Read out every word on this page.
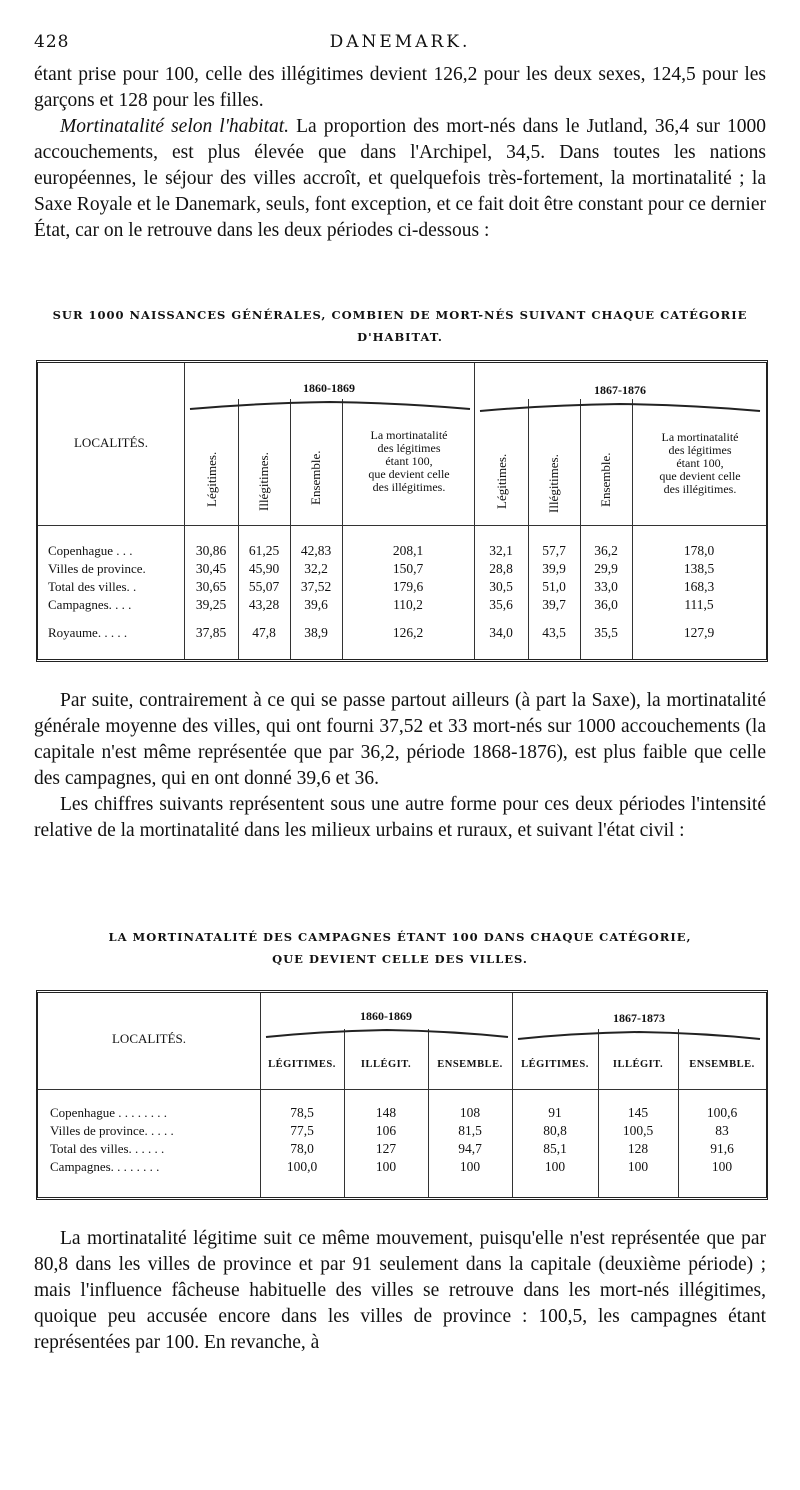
428	DANEMARK.

étant prise pour 100, celle des illégitimes devient 126,2 pour les deux sexes, 124,5 pour les garçons et 128 pour les filles.

Mortinatalité selon l'habitat. La proportion des mort-nés dans le Jutland, 36,4 sur 1000 accouchements, est plus élevée que dans l'Archipel, 34,5. Dans toutes les nations européennes, le séjour des villes accroît, et quelquefois très-fortement, la mortinatalité ; la Saxe Royale et le Danemark, seuls, font exception, et ce fait doit être constant pour ce dernier État, car on le retrouve dans les deux périodes ci-dessous :

SUR 1000 NAISSANCES GÉNÉRALES, COMBIEN DE MORT-NÉS SUIVANT CHAQUE CATÉGORIE
D'HABITAT.
LOCALITÉS.
1860-1869	1867-1876
Légitimes.	Illégitimes.	Ensemble.
La mortinatalité
des légitimes
étant 100,
que devient celle
des illégitimes.	Légitimes.	Illégitimes.	Ensemble.
La mortinatalité
des légitimes
étant 100,
que devient celle
des illégitimes.
Copenhague . . .	30,86	61,25	42,83	208,1	32,1	57,7	36,2	178,0
Villes de province.	30,45	45,90	32,2	150,7	28,8	39,9	29,9	138,5
Total des villes. .	30,65	55,07	37,52	179,6	30,5	51,0	33,0	168,3
Campagnes. . . .	39,25	43,28	39,6	110,2	35,6	39,7	36,0	111,5
Royaume. . . . .	37,85	47,8	38,9	126,2	34,0	43,5	35,5	127,9

Par suite, contrairement à ce qui se passe partout ailleurs (à part la Saxe), la mortinatalité générale moyenne des villes, qui ont fourni 37,52 et 33 mort-nés sur 1000 accouchements (la capitale n'est même représentée que par 36,2, période 1868-1876), est plus faible que celle des campagnes, qui en ont donné 39,6 et 36.

Les chiffres suivants représentent sous une autre forme pour ces deux périodes l'intensité relative de la mortinatalité dans les milieux urbains et ruraux, et suivant l'état civil :

LA MORTINATALITÉ DES CAMPAGNES ÉTANT 100 DANS CHAQUE CATÉGORIE,
QUE DEVIENT CELLE DES VILLES.
LOCALITÉS.
1860-1869	1867-1873
LÉGITIMES.	ILLÉGIT.	ENSEMBLE.	LÉGITIMES.	ILLÉGIT.	ENSEMBLE.
Copenhague . . . . . . . .	78,5	148	108	91	145	100,6
Villes de province. . . . .	77,5	106	81,5	80,8	100,5	83
Total des villes. . . . . .	78,0	127	94,7	85,1	128	91,6
Campagnes. . . . . . . .	100,0	100	100	100	100	100

La mortinatalité légitime suit ce même mouvement, puisqu'elle n'est représentée que par 80,8 dans les villes de province et par 91 seulement dans la capitale (deuxième période) ; mais l'influence fâcheuse habituelle des villes se retrouve dans les mort-nés illégitimes, quoique peu accusée encore dans les villes de province : 100,5, les campagnes étant représentées par 100. En revanche, à
